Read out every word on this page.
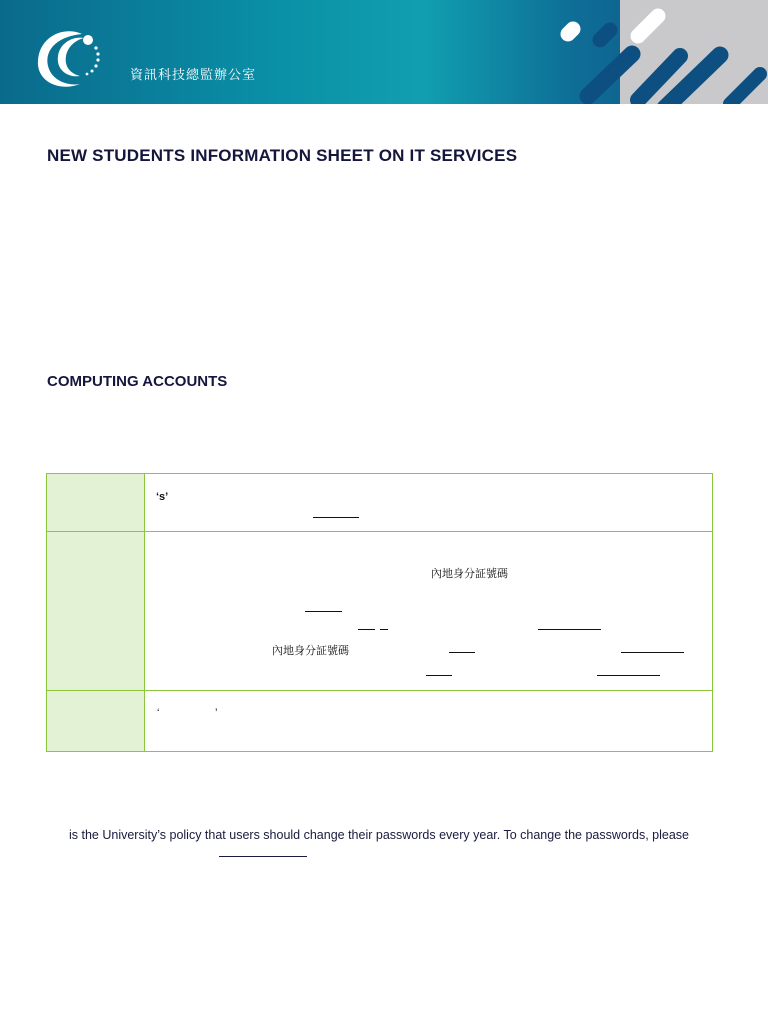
資訊科技總監辦公室
NEW STUDENTS INFORMATION SHEET ON IT SERVICES
COMPUTING ACCOUNTS

	‘s’

	內地身分証號碼
內地身分証號碼

	‘ ’

is the University’s policy that users should change their passwords every year. To change the passwords, please
